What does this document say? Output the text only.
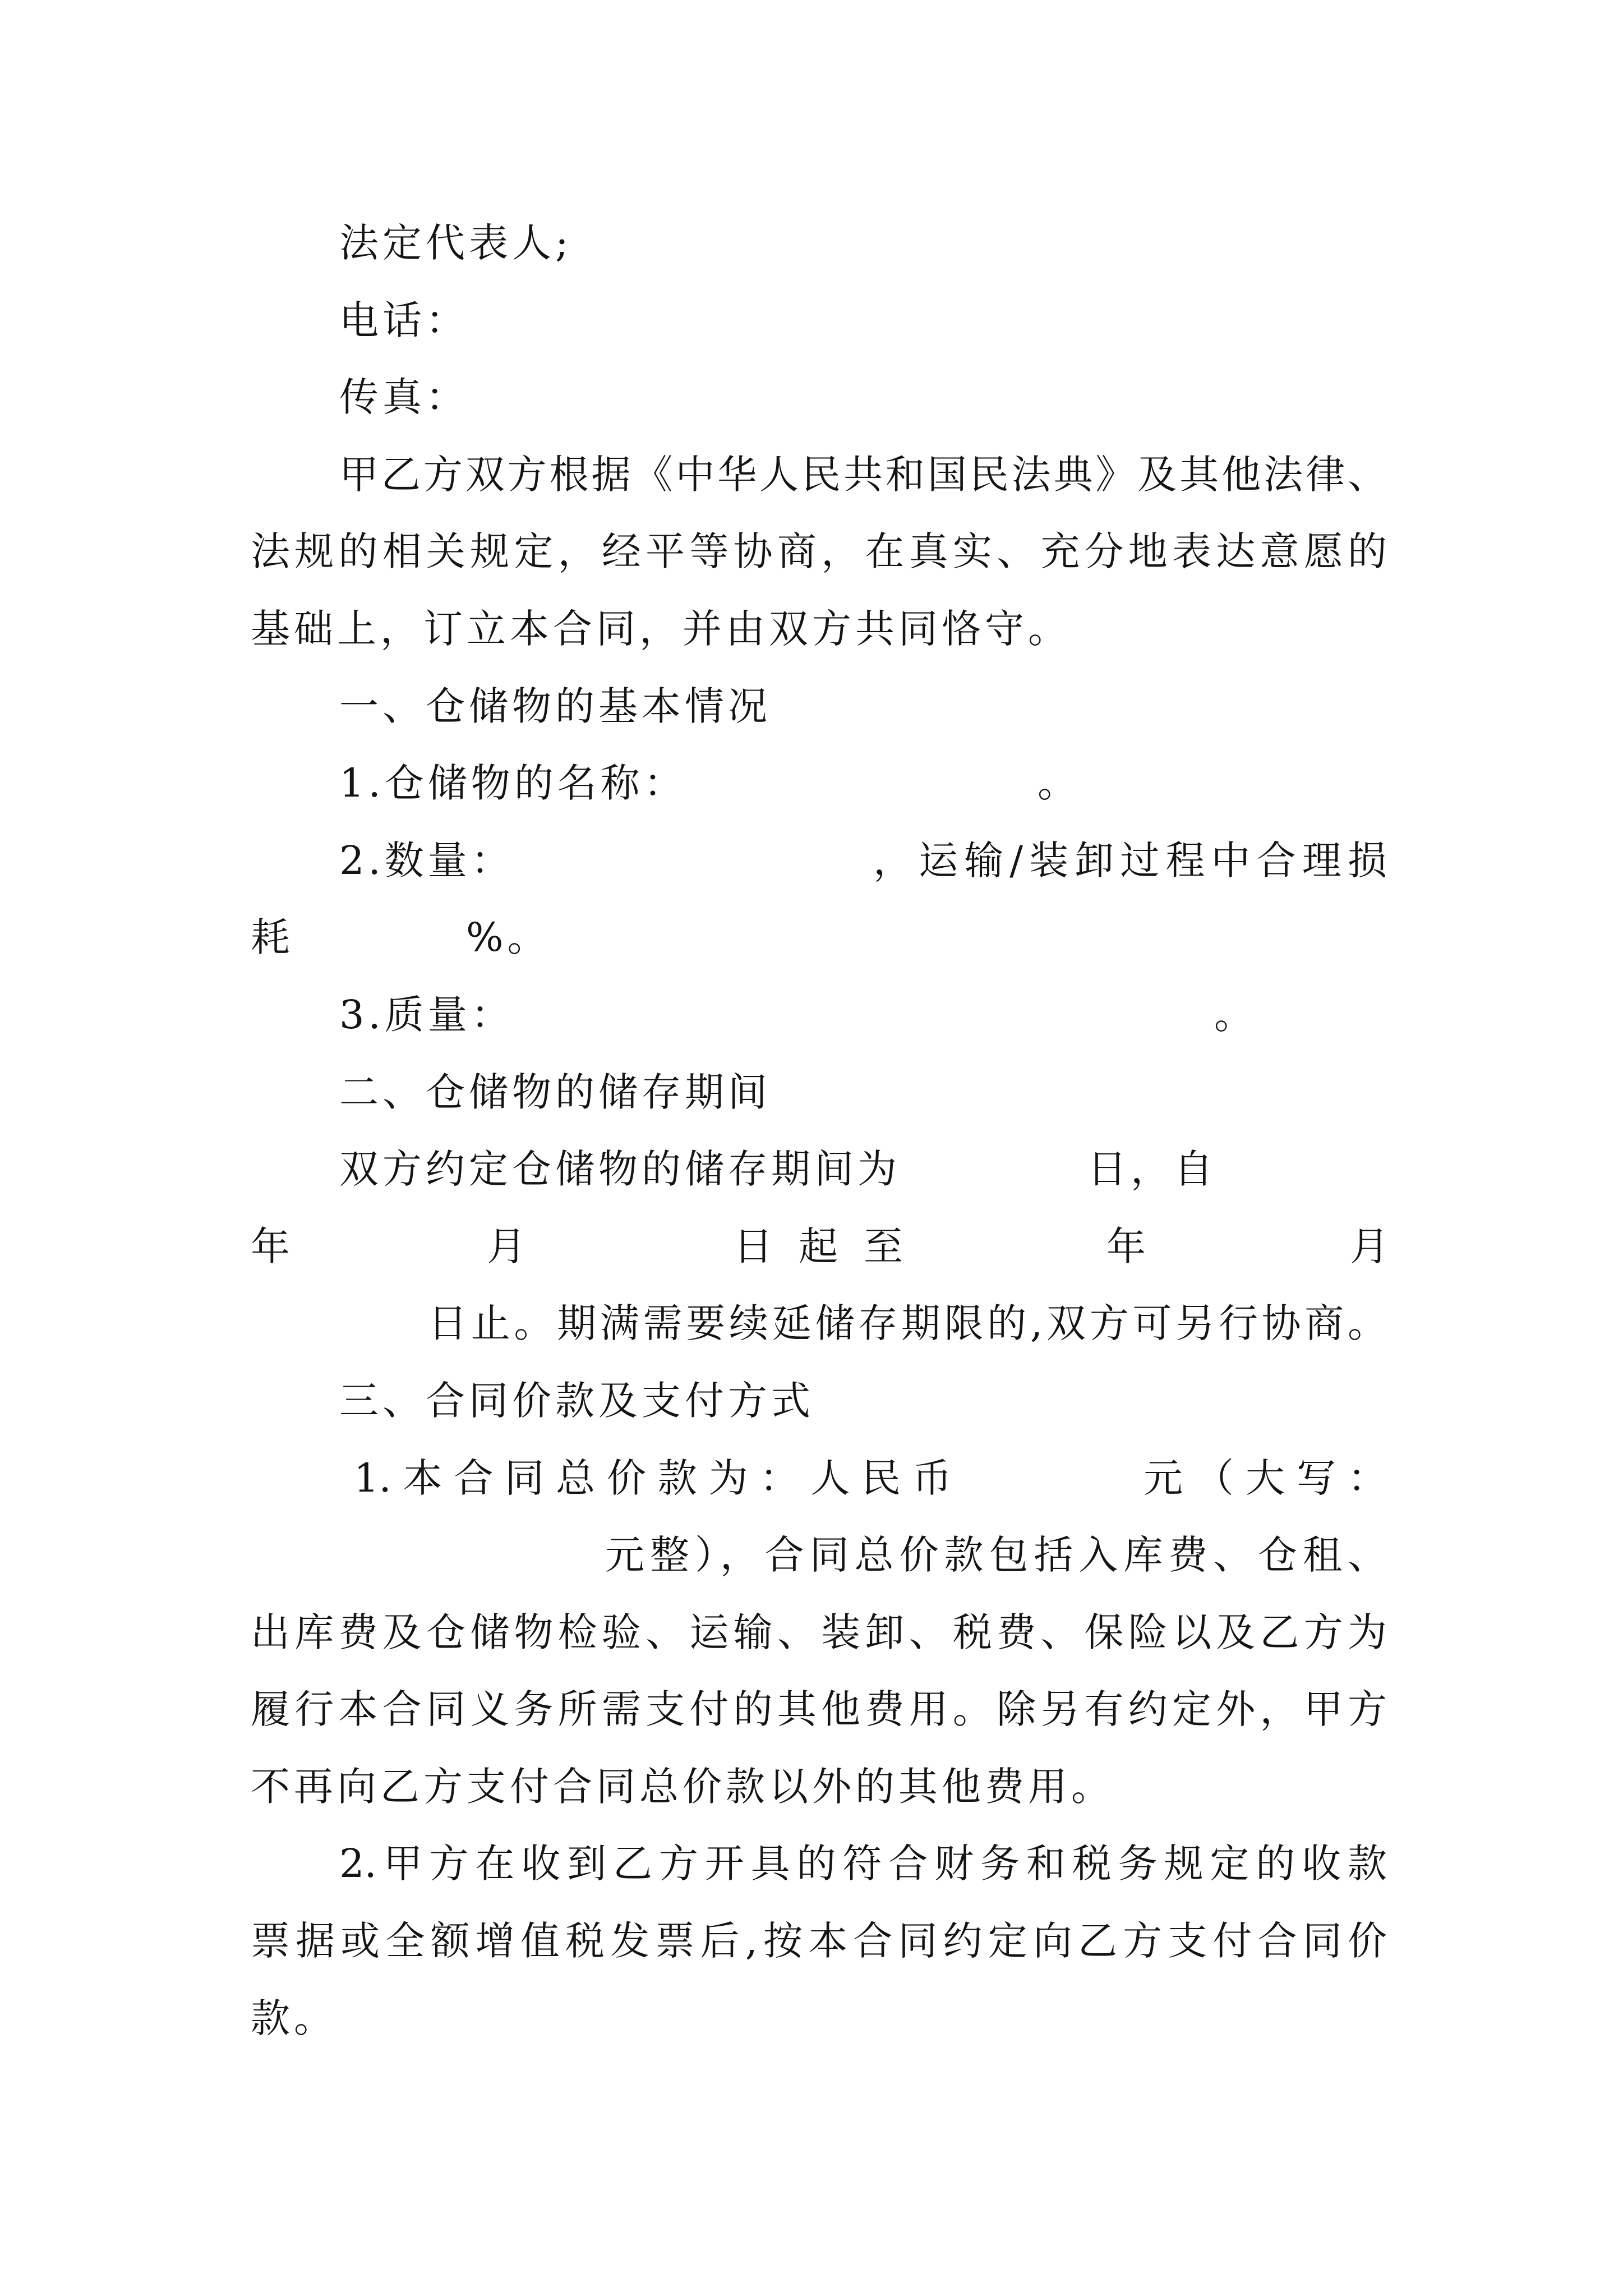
法定代表人;
电话：
传真：
甲乙方双方根据《中华人民共和国民法典》及其他法律、
法规的相关规定，经平等协商，在真实、充分地表达意愿的
基础上，订立本合同，并由双方共同恪守。
一、仓储物的基本情况
1.仓储物的名称：	。
2.数量：	，运输/装卸过程中合理损
耗	%。
3.质量：	。
二、仓储物的储存期间
双方约定仓储物的储存期间为	日，自
年	月	日起至	年	月
日止。期满需要续延储存期限的,双方可另行协商。
三、合同价款及支付方式
1.本合同总价款为：人民币	元（大写：
元整），合同总价款包括入库费、仓租、
出库费及仓储物检验、运输、装卸、税费、保险以及乙方为
履行本合同义务所需支付的其他费用。除另有约定外，甲方
不再向乙方支付合同总价款以外的其他费用。
2.甲方在收到乙方开具的符合财务和税务规定的收款
票据或全额增值税发票后,按本合同约定向乙方支付合同价
款。
